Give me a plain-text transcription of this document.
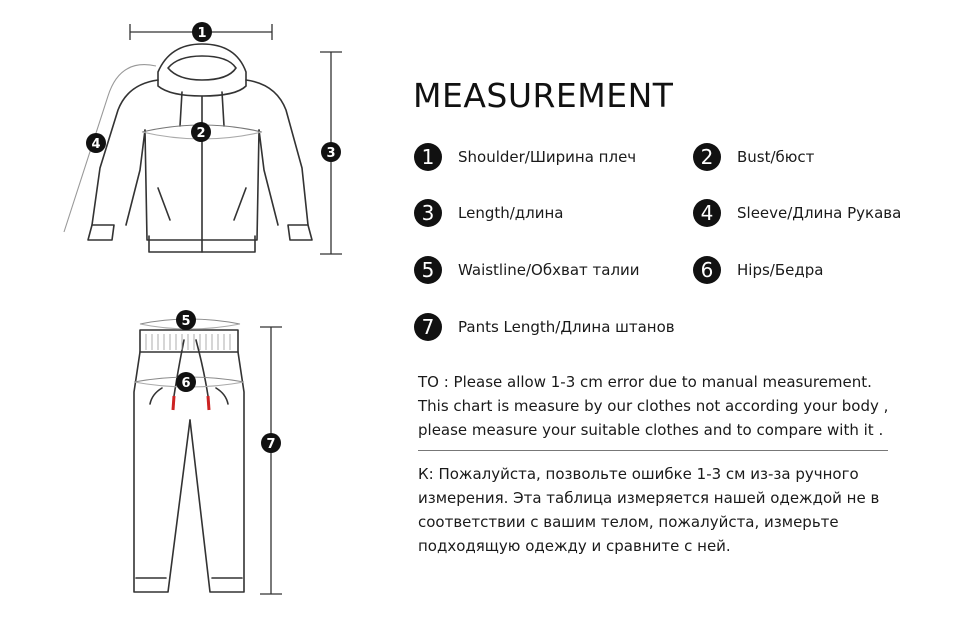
1
2
3
4
5
6
7
MEASUREMENT
1	Shoulder/Ширина плеч	2	Bust/бюст
3	Length/длина	4	Sleeve/Длина Рукава
5	Waistline/Обхват талии	6	Hips/Бедра
7	Pants Length/Длина штанов

TO : Please allow 1-3 cm error due to manual measurement.

This chart is measure by our clothes not according your body ,

please measure your suitable clothes and to compare with it .

К: Пожалуйста, позвольте ошибке 1-3 см из-за ручного

измерения. Эта таблица измеряется нашей одеждой не в

соответствии с вашим телом, пожалуйста, измерьте

подходящую одежду и сравните с ней.
